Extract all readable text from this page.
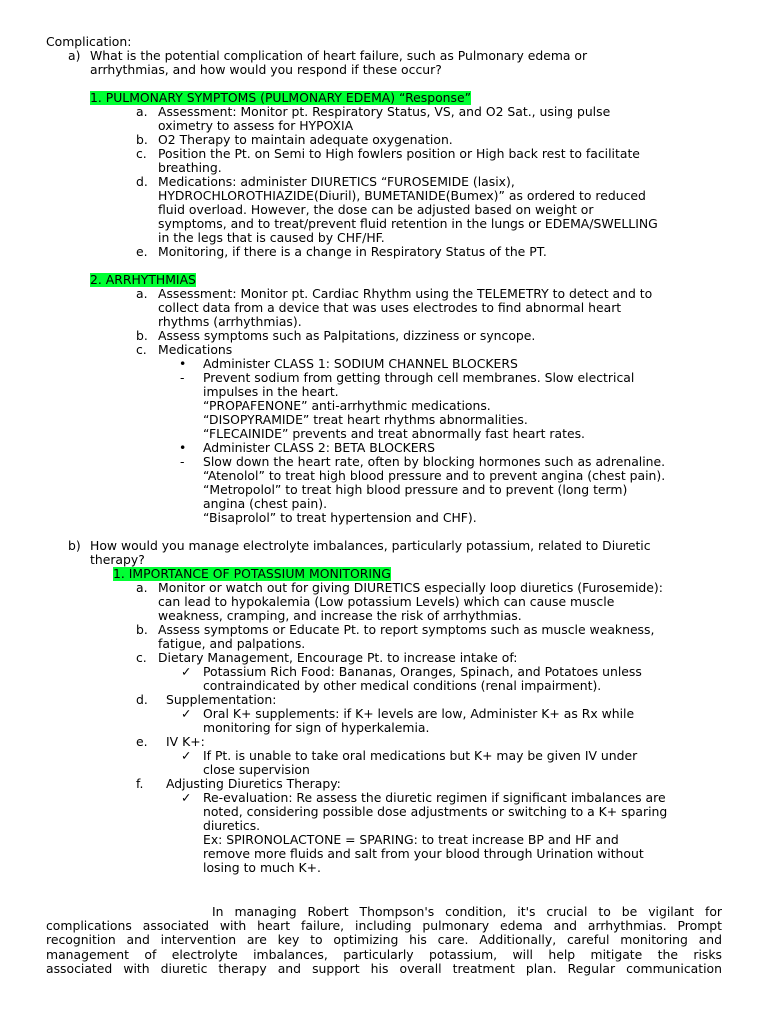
Complication:
a) What is the potential complication of heart failure, such as Pulmonary edema or
arrhythmias, and how would you respond if these occur?
1. PULMONARY SYMPTOMS (PULMONARY EDEMA) “Response”
a. Assessment: Monitor pt. Respiratory Status, VS, and O2 Sat., using pulse
oximetry to assess for HYPOXIA
b. O2 Therapy to maintain adequate oxygenation.
c. Position the Pt. on Semi to High fowlers position or High back rest to facilitate
breathing.
d. Medications: administer DIURETICS “FUROSEMIDE (lasix),
HYDROCHLOROTHIAZIDE(Diuril), BUMETANIDE(Bumex)” as ordered to reduced
fluid overload. However, the dose can be adjusted based on weight or
symptoms, and to treat/prevent fluid retention in the lungs or EDEMA/SWELLING
in the legs that is caused by CHF/HF.
e. Monitoring, if there is a change in Respiratory Status of the PT.
2. ARRHYTHMIAS
a. Assessment: Monitor pt. Cardiac Rhythm using the TELEMETRY to detect and to
collect data from a device that was uses electrodes to find abnormal heart
rhythms (arrhythmias).
b. Assess symptoms such as Palpitations, dizziness or syncope.
c. Medications
• Administer CLASS 1: SODIUM CHANNEL BLOCKERS
- Prevent sodium from getting through cell membranes. Slow electrical
impulses in the heart.
“PROPAFENONE” anti-arrhythmic medications.
“DISOPYRAMIDE” treat heart rhythms abnormalities.
“FLECAINIDE” prevents and treat abnormally fast heart rates.
• Administer CLASS 2: BETA BLOCKERS
- Slow down the heart rate, often by blocking hormones such as adrenaline.
“Atenolol” to treat high blood pressure and to prevent angina (chest pain).
“Metropolol” to treat high blood pressure and to prevent (long term)
angina (chest pain).
“Bisaprolol” to treat hypertension and CHF).
b) How would you manage electrolyte imbalances, particularly potassium, related to Diuretic
therapy?
1. IMPORTANCE OF POTASSIUM MONITORING
a. Monitor or watch out for giving DIURETICS especially loop diuretics (Furosemide):
can lead to hypokalemia (Low potassium Levels) which can cause muscle
weakness, cramping, and increase the risk of arrhythmias.
b. Assess symptoms or Educate Pt. to report symptoms such as muscle weakness,
fatigue, and palpations.
c. Dietary Management, Encourage Pt. to increase intake of:
✓ Potassium Rich Food: Bananas, Oranges, Spinach, and Potatoes unless
contraindicated by other medical conditions (renal impairment).
d. Supplementation:
✓ Oral K+ supplements: if K+ levels are low, Administer K+ as Rx while
monitoring for sign of hyperkalemia.
e. IV K+:
✓ If Pt. is unable to take oral medications but K+ may be given IV under
close supervision
f. Adjusting Diuretics Therapy:
✓ Re-evaluation: Re assess the diuretic regimen if significant imbalances are
noted, considering possible dose adjustments or switching to a K+ sparing
diuretics.
Ex: SPIRONOLACTONE = SPARING: to treat increase BP and HF and
remove more fluids and salt from your blood through Urination without
losing to much K+.
In managing Robert Thompson's condition, it's crucial to be vigilant for
complications associated with heart failure, including pulmonary edema and arrhythmias. Prompt
recognition and intervention are key to optimizing his care. Additionally, careful monitoring and
management of electrolyte imbalances, particularly potassium, will help mitigate the risks
associated with diuretic therapy and support his overall treatment plan. Regular communication
